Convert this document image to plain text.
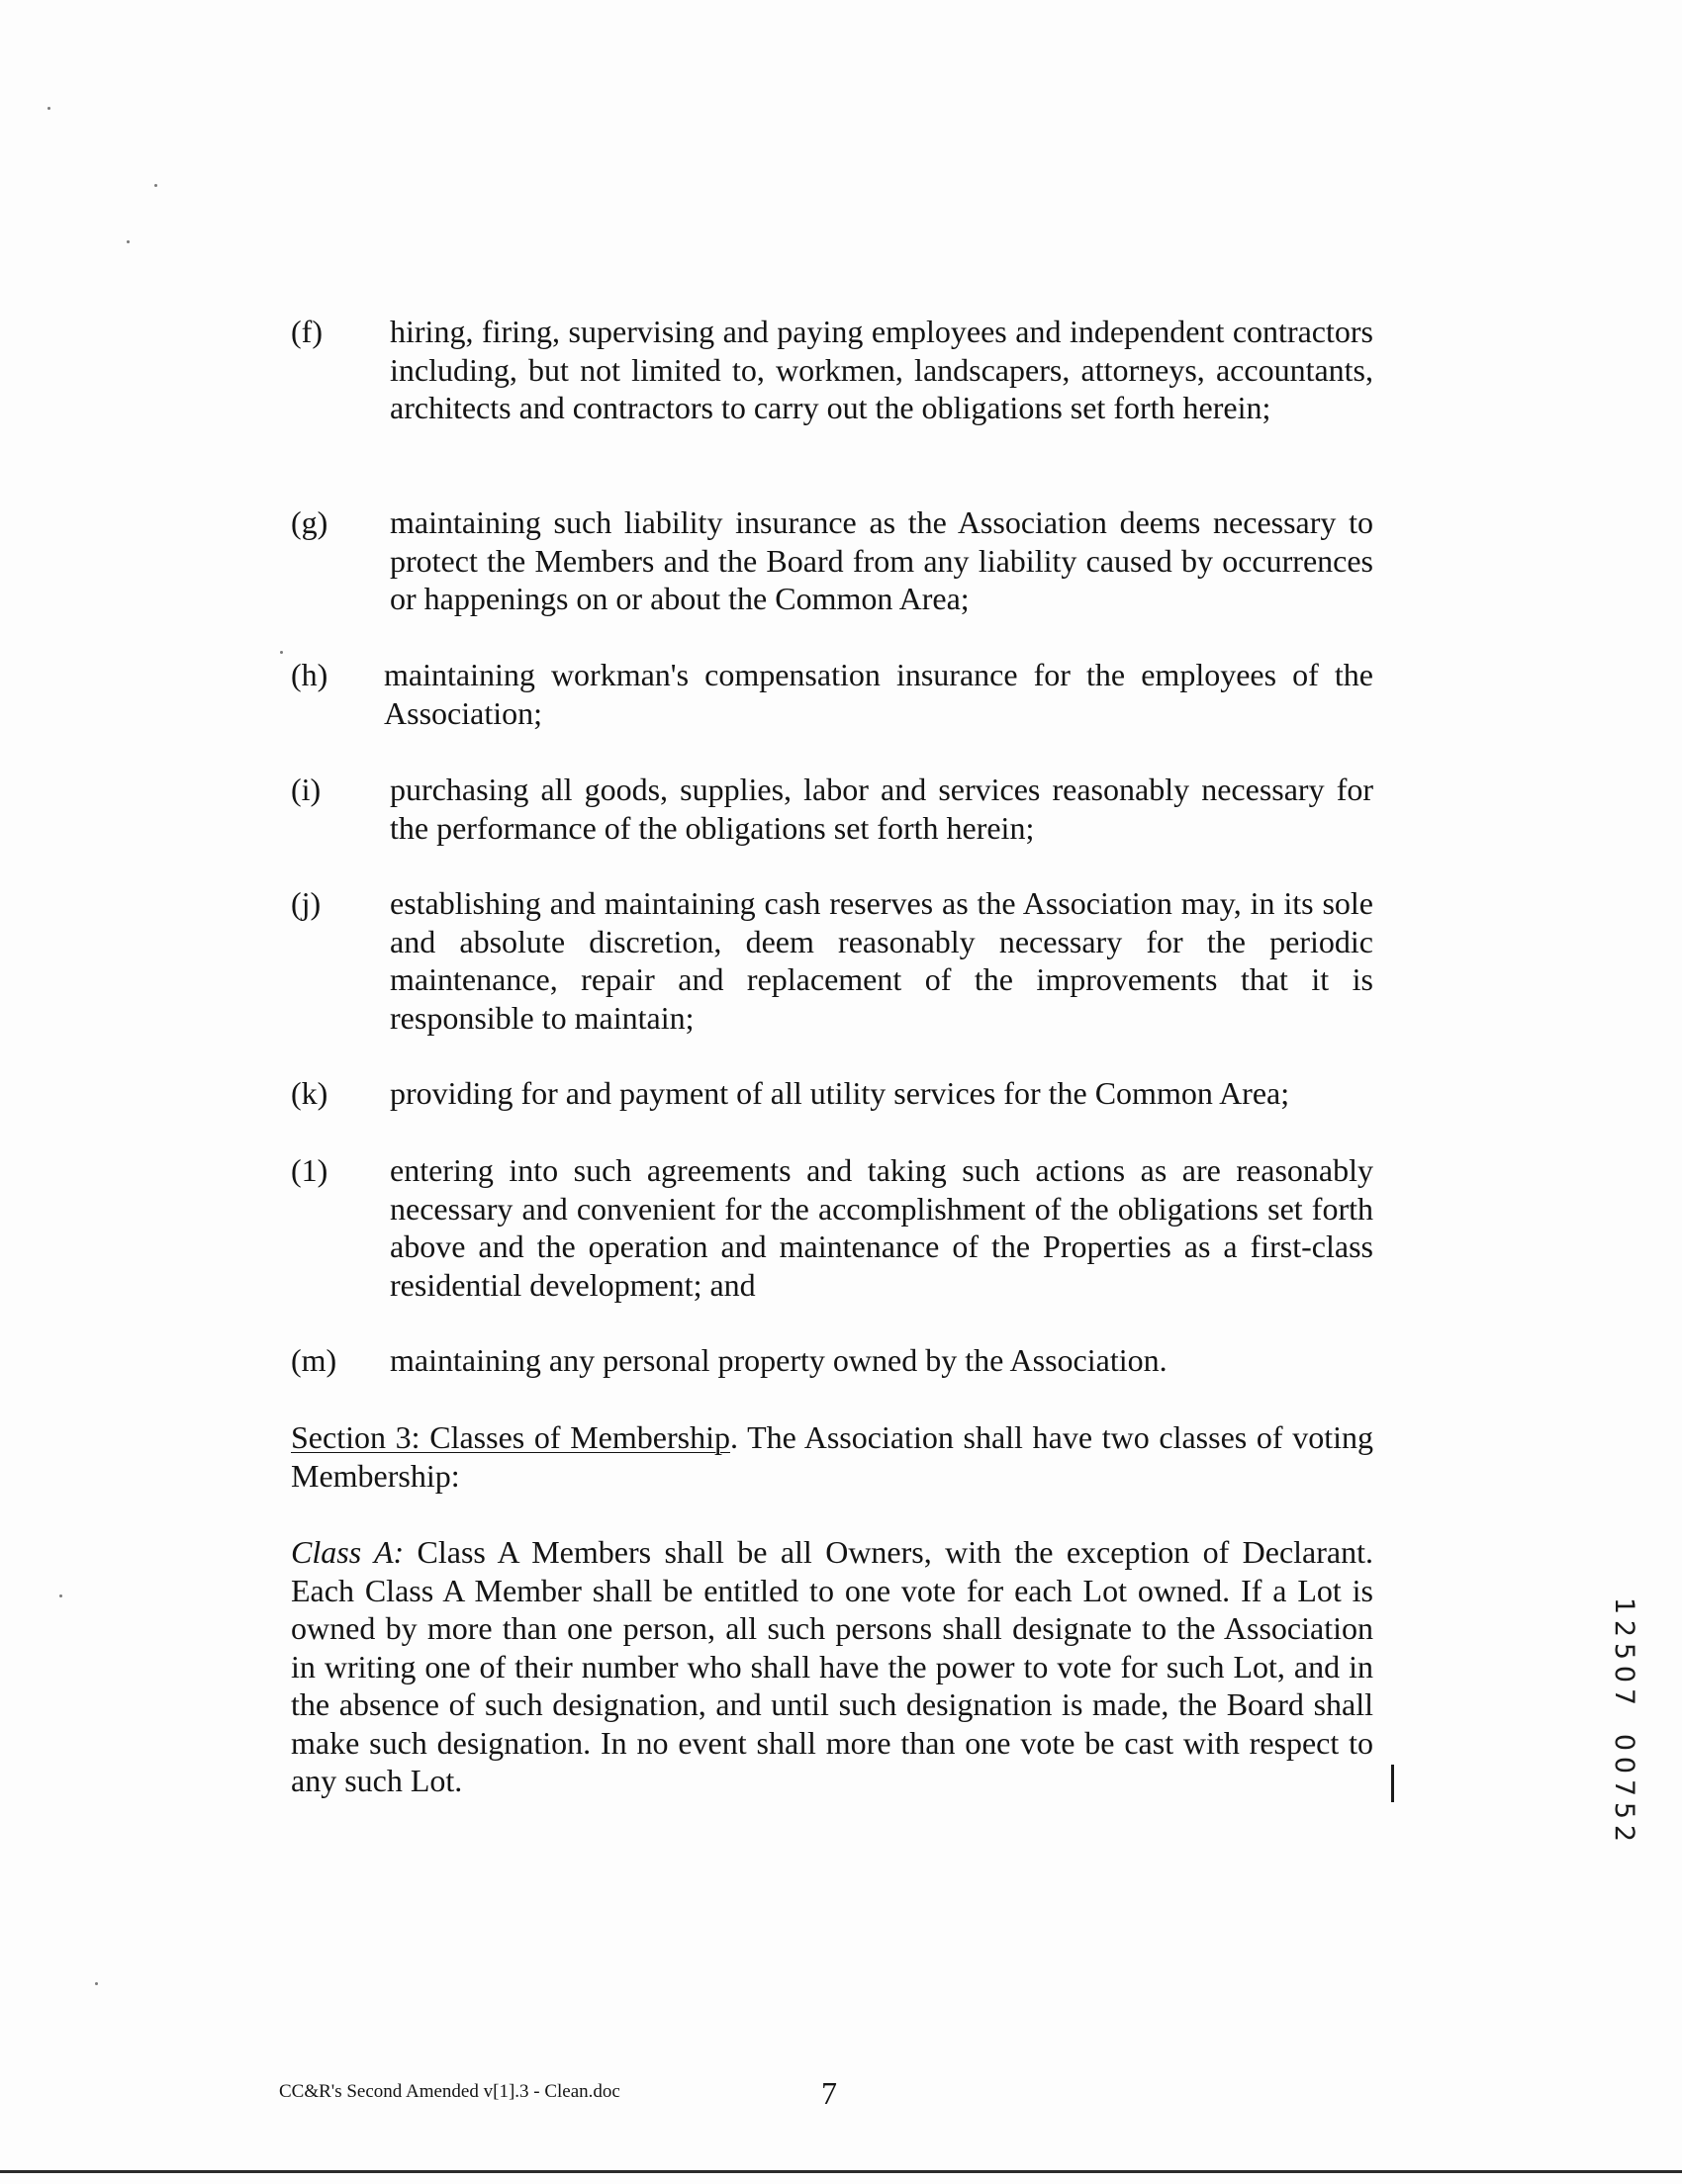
(f)	hiring, firing, supervising and paying employees and independent contractors including, but not limited to, workmen, landscapers, attorneys, accountants, architects and contractors to carry out the obligations set forth herein;
(g)	maintaining such liability insurance as the Association deems necessary to protect the Members and the Board from any liability caused by occurrences or happenings on or about the Common Area;
(h)	maintaining workman's compensation insurance for the employees of the Association;
(i)	purchasing all goods, supplies, labor and services reasonably necessary for the performance of the obligations set forth herein;
(j)	establishing and maintaining cash reserves as the Association may, in its sole and absolute discretion, deem reasonably necessary for the periodic maintenance, repair and replacement of the improvements that it is responsible to maintain;
(k)	providing for and payment of all utility services for the Common Area;
(1)	entering into such agreements and taking such actions as are reasonably necessary and convenient for the accomplishment of the obligations set forth above and the operation and maintenance of the Properties as a first-class residential development; and
(m)	maintaining any personal property owned by the Association.
Section 3: Classes of Membership. The Association shall have two classes of voting Membership:
Class A: Class A Members shall be all Owners, with the exception of Declarant. Each Class A Member shall be entitled to one vote for each Lot owned. If a Lot is owned by more than one person, all such persons shall designate to the Association in writing one of their number who shall have the power to vote for such Lot, and in the absence of such designation, and until such designation is made, the Board shall make such designation. In no event shall more than one vote be cast with respect to any such Lot.
1
2
5
0
7
0
0
7
5
2
CC&R's Second Amended v[1].3 - Clean.doc	7
